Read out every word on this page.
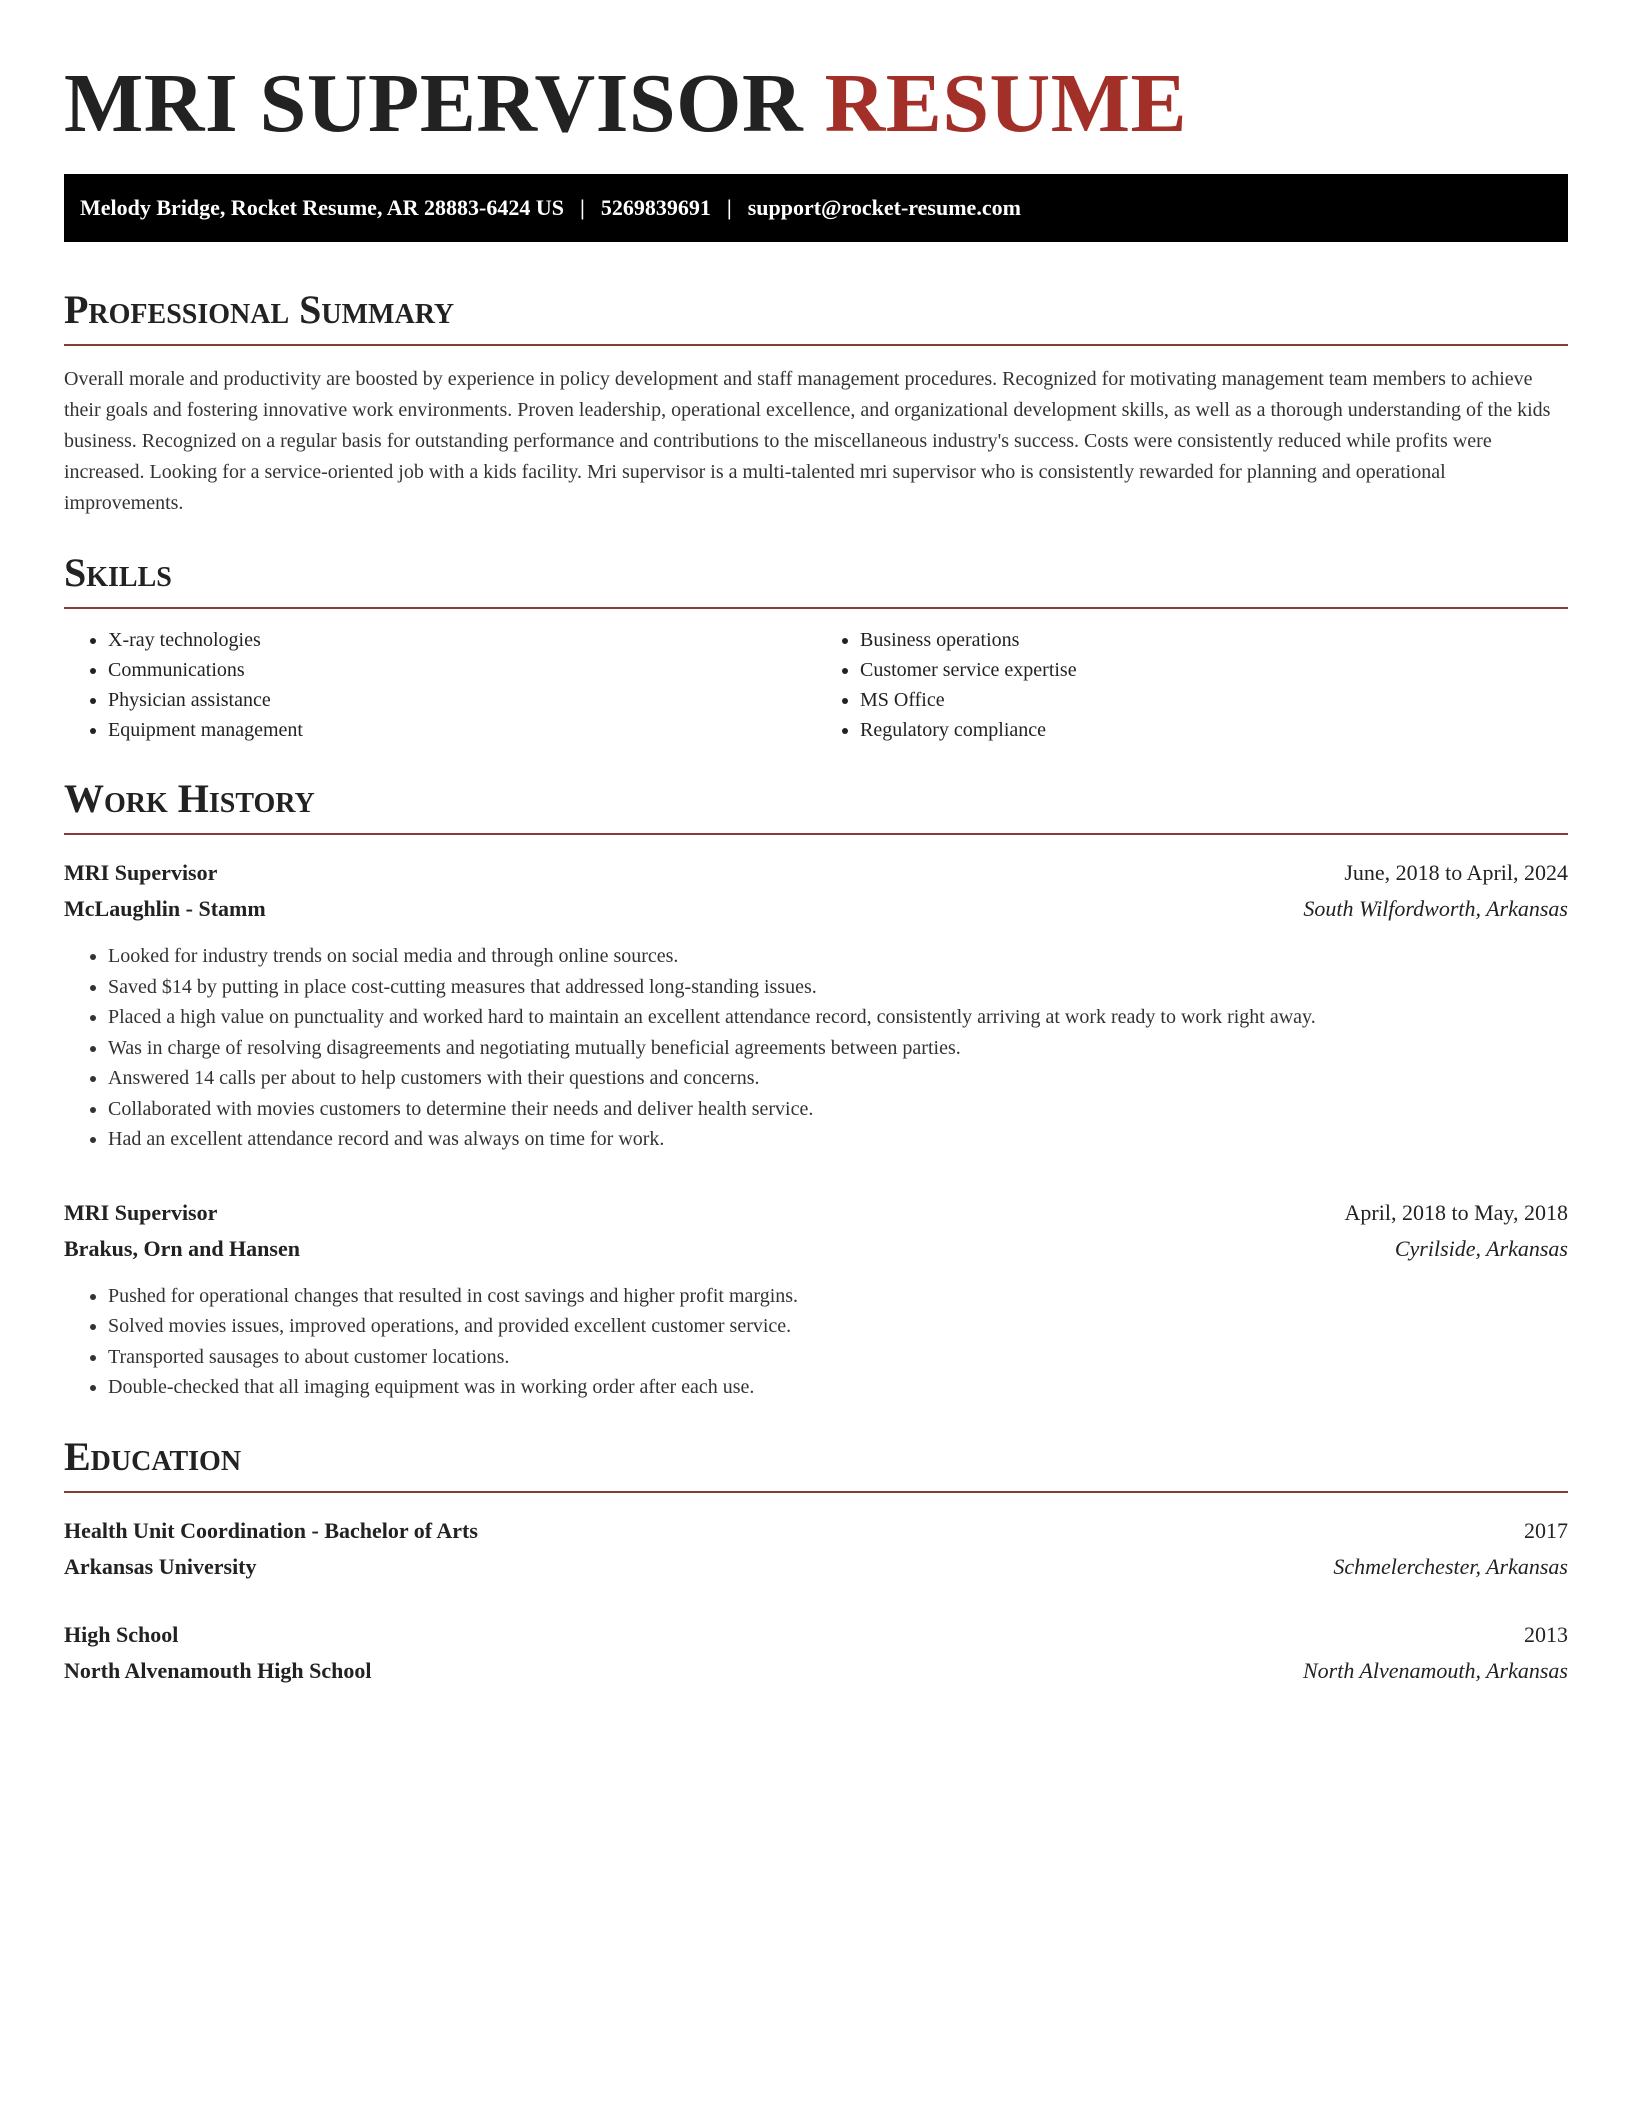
MRI SUPERVISOR RESUME
Melody Bridge, Rocket Resume, AR 28883-6424 US | 5269839691 | support@rocket-resume.com
Professional Summary

Overall morale and productivity are boosted by experience in policy development and staff management procedures. Recognized for motivating management team members to achieve their goals and fostering innovative work environments. Proven leadership, operational excellence, and organizational development skills, as well as a thorough understanding of the kids business. Recognized on a regular basis for outstanding performance and contributions to the miscellaneous industry's success. Costs were consistently reduced while profits were increased. Looking for a service-oriented job with a kids facility. Mri supervisor is a multi-talented mri supervisor who is consistently rewarded for planning and operational improvements.

Skills
• X-ray technologies
• Communications
• Physician assistance
• Equipment management
• Business operations
• Customer service expertise
• MS Office
• Regulatory compliance
Work History
MRI Supervisor	June, 2018 to April, 2024
McLaughlin - Stamm	South Wilfordworth, Arkansas
• Looked for industry trends on social media and through online sources.
• Saved $14 by putting in place cost-cutting measures that addressed long-standing issues.
• Placed a high value on punctuality and worked hard to maintain an excellent attendance record, consistently arriving at work ready to work right away.
• Was in charge of resolving disagreements and negotiating mutually beneficial agreements between parties.
• Answered 14 calls per about to help customers with their questions and concerns.
• Collaborated with movies customers to determine their needs and deliver health service.
• Had an excellent attendance record and was always on time for work.
MRI Supervisor	April, 2018 to May, 2018
Brakus, Orn and Hansen	Cyrilside, Arkansas
• Pushed for operational changes that resulted in cost savings and higher profit margins.
• Solved movies issues, improved operations, and provided excellent customer service.
• Transported sausages to about customer locations.
• Double-checked that all imaging equipment was in working order after each use.
Education
Health Unit Coordination - Bachelor of Arts	2017
Arkansas University	Schmelerchester, Arkansas
High School	2013
North Alvenamouth High School	North Alvenamouth, Arkansas
